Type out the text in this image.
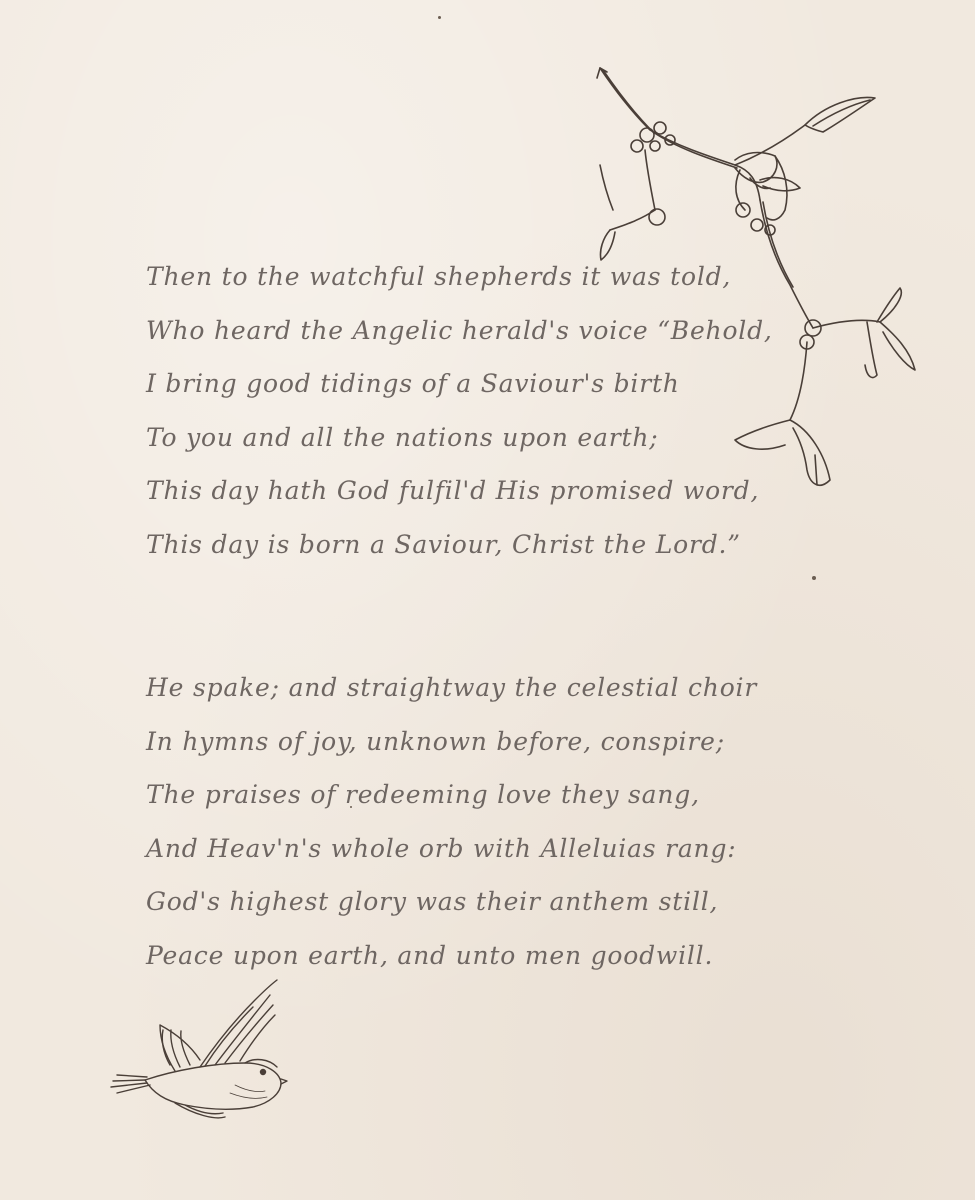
Then to the watchful shepherds it was told,
Who heard the Angelic herald's voice “Behold,
I bring good tidings of a Saviour's birth
To you and all the nations upon earth;
This day hath God fulfil'd His promised word,
This day is born a Saviour, Christ the Lord.”
He spake; and straightway the celestial choir
In hymns of joy, unknown before, conspire;
The praises of redeeming love they sang,
And Heav'n's whole orb with Alleluias rang:
God's highest glory was their anthem still,
Peace upon earth, and unto men goodwill.
